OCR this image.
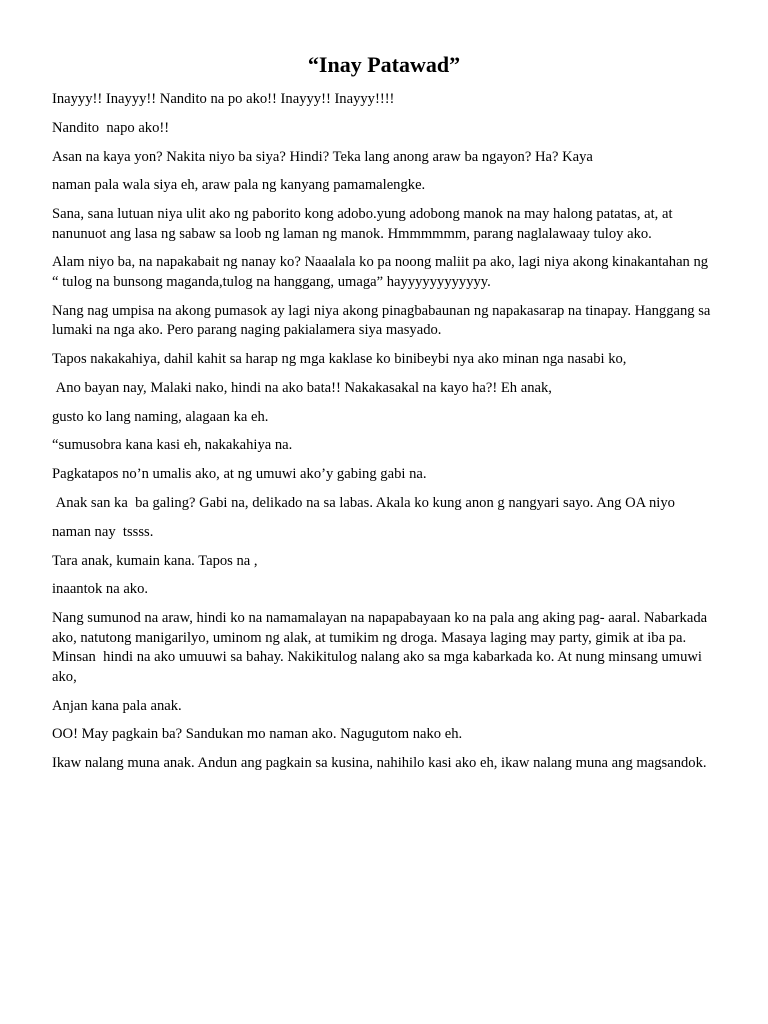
“Inay Patawad”

Inayyy!! Inayyy!! Nandito na po ako!! Inayyy!! Inayyy!!!!

Nandito  napo ako!!

Asan na kaya yon? Nakita niyo ba siya? Hindi? Teka lang anong araw ba ngayon? Ha? Kaya

naman pala wala siya eh, araw pala ng kanyang pamamalengke.

Sana, sana lutuan niya ulit ako ng paborito kong adobo.yung adobong manok na may halong patatas, at, at nanunuot ang lasa ng sabaw sa loob ng laman ng manok. Hmmmmmm, parang naglalawaay tuloy ako.

Alam niyo ba, na napakabait ng nanay ko? Naaalala ko pa noong maliit pa ako, lagi niya akong kinakantahan ng “ tulog na bunsong maganda,tulog na hanggang, umaga” hayyyyyyyyyyyy.

Nang nag umpisa na akong pumasok ay lagi niya akong pinagbabaunan ng napakasarap na tinapay. Hanggang sa lumaki na nga ako. Pero parang naging pakialamera siya masyado.

Tapos nakakahiya, dahil kahit sa harap ng mga kaklase ko binibeybi nya ako minan nga nasabi ko,

Ano bayan nay, Malaki nako, hindi na ako bata!! Nakakasakal na kayo ha?! Eh anak,

gusto ko lang naming, alagaan ka eh.

“sumusobra kana kasi eh, nakakahiya na.

Pagkatapos no’n umalis ako, at ng umuwi ako’y gabing gabi na.

Anak san ka  ba galing? Gabi na, delikado na sa labas. Akala ko kung anon g nangyari sayo. Ang OA niyo

naman nay  tssss.

Tara anak, kumain kana. Tapos na ,

inaantok na ako.

Nang sumunod na araw, hindi ko na namamalayan na napapabayaan ko na pala ang aking pag- aaral. Nabarkada ako, natutong manigarilyo, uminom ng alak, at tumikim ng droga. Masaya laging may party, gimik at iba pa. Minsan  hindi na ako umuuwi sa bahay. Nakikitulog nalang ako sa mga kabarkada ko. At nung minsang umuwi ako,

Anjan kana pala anak.

OO! May pagkain ba? Sandukan mo naman ako. Nagugutom nako eh.

Ikaw nalang muna anak. Andun ang pagkain sa kusina, nahihilo kasi ako eh, ikaw nalang muna ang magsandok.
